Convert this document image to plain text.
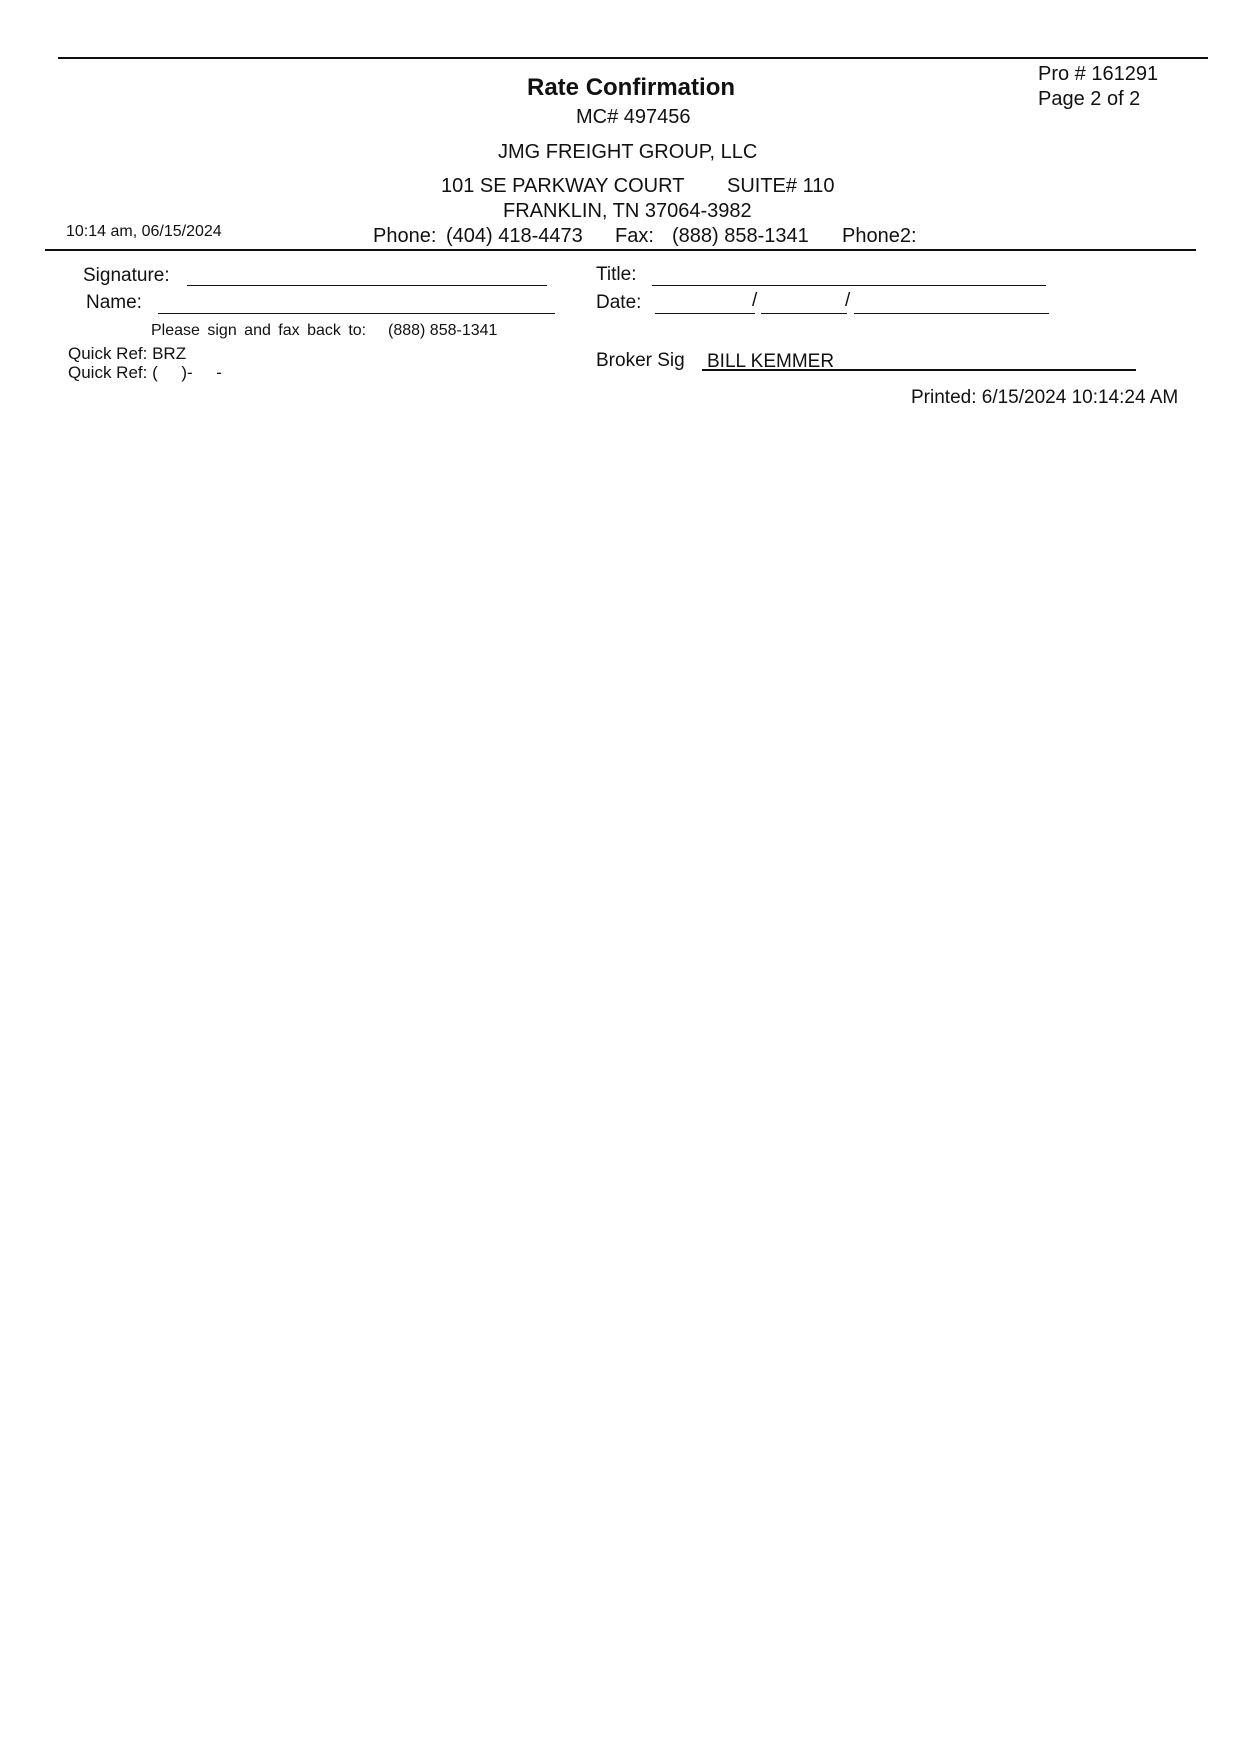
Rate Confirmation
MC# 497456
JMG FREIGHT GROUP, LLC
101 SE PARKWAY COURT SUITE# 110
FRANKLIN, TN 37064-3982
10:14 am, 06/15/2024	Phone: (404) 418-4473 Fax: (888) 858-1341 Phone2:
Pro # 161291
Page 2 of 2
Signature:
Name:
Please sign and fax back to: (888) 858-1341
Quick Ref: BRZ
Quick Ref: (     )-     -
Title:
Date:	/	/
Broker Sig BILL KEMMER
Printed: 6/15/2024 10:14:24 AM
